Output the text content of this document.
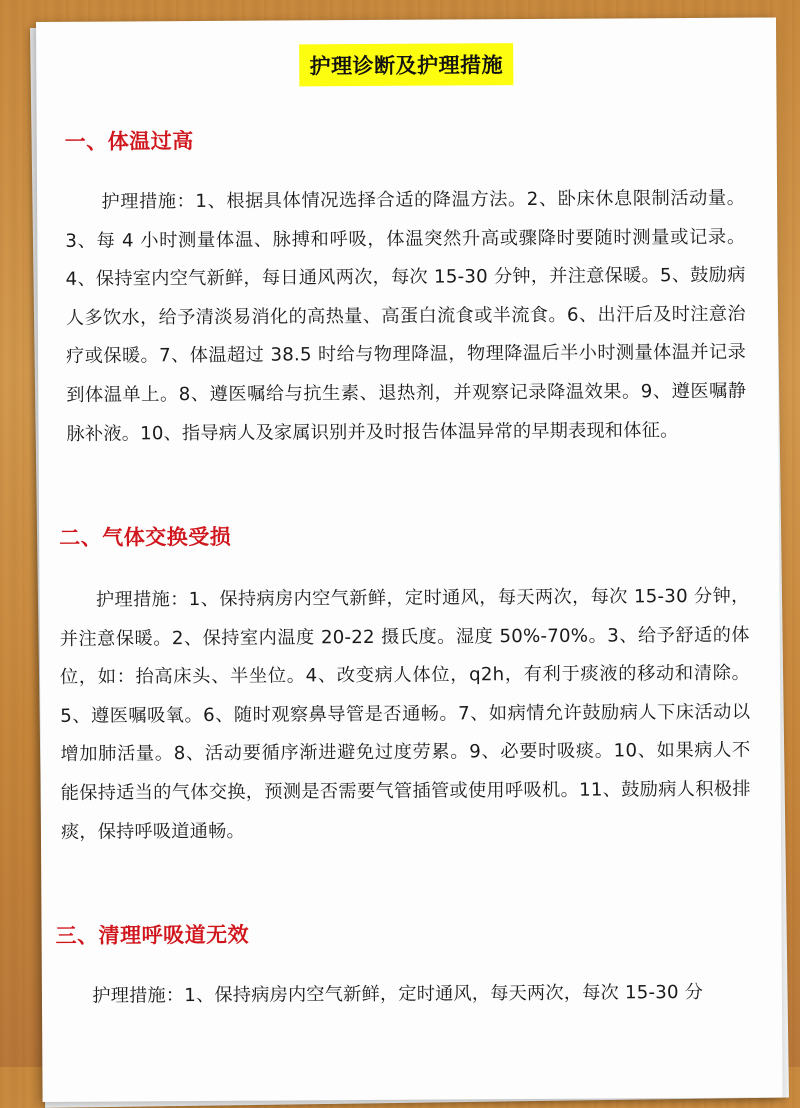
护理诊断及护理措施
一、体温过高
护理措施：1、根据具体情况选择合适的降温方法。2、卧床休息限制活动量。3、每 4 小时测量体温、脉搏和呼吸，体温突然升高或骤降时要随时测量或记录。4、保持室内空气新鲜，每日通风两次，每次 15-30 分钟，并注意保暖。5、鼓励病人多饮水，给予清淡易消化的高热量、高蛋白流食或半流食。6、出汗后及时注意治疗或保暖。7、体温超过 38.5 时给与物理降温，物理降温后半小时测量体温并记录到体温单上。8、遵医嘱给与抗生素、退热剂，并观察记录降温效果。9、遵医嘱静脉补液。10、指导病人及家属识别并及时报告体温异常的早期表现和体征。
二、气体交换受损
护理措施：1、保持病房内空气新鲜，定时通风，每天两次，每次 15-30 分钟，并注意保暖。2、保持室内温度 20-22 摄氏度。湿度 50%-70%。3、给予舒适的体位，如：抬高床头、半坐位。4、改变病人体位，q2h，有利于痰液的移动和清除。5、遵医嘱吸氧。6、随时观察鼻导管是否通畅。7、如病情允许鼓励病人下床活动以增加肺活量。8、活动要循序渐进避免过度劳累。9、必要时吸痰。10、如果病人不能保持适当的气体交换，预测是否需要气管插管或使用呼吸机。11、鼓励病人积极排痰，保持呼吸道通畅。
三、清理呼吸道无效
护理措施：1、保持病房内空气新鲜，定时通风，每天两次，每次 15-30 分
